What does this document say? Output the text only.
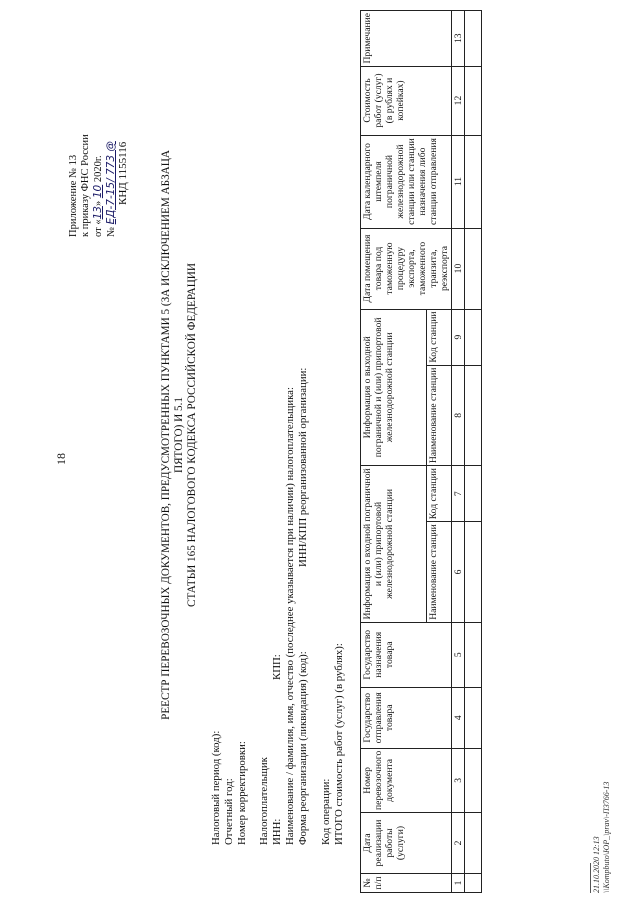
18
Приложение № 13 к приказу ФНС России от «13» 10 2020г.
№ ЕД-7-15/ 773 @ КНД 1155116	РЕЕСТР ПЕРЕВОЗОЧНЫХ ДОКУМЕНТОВ, ПРЕДУСМОТРЕННЫХ ПУНКТАМИ 5 (ЗА ИСКЛЮЧЕНИЕМ АБЗАЦА ПЯТОГО) И 5.1 СТАТЬИ 165 НАЛОГОВОГО КОДЕКСА РОССИЙСКОЙ ФЕДЕРАЦИИ
Налоговый период (код): Отчетный год: Номер корректировки: Налогоплательщик ИНН:
КПП: Наименование / фамилия, имя, отчество (последнее указывается при наличии) налогоплательщика: Форма реорганизации (ликвидация) (код):
ИНН/КПП реорганизованной организации:
Код операции: ИТОГО стоимость работ (услуг) (в рублях):
№ п/п	Дата реализации работы (услуги)	Номер перевозочного документа	Государство отправления товара	Государство назначения товара	Информация о входной пограничной и (или) припортовой железнодорожной станции		Информация о выходной пограничной и (или) припортовой железнодорожной станции		Дата помещения товара под таможенную процедуру экспорта, таможенного транзита, реэкспорта	Дата календарного штемпеля пограничной железнодорожной станции или станции назначения либо станции отправления	Стоимость работ (услуг) (в рублях и копейках)	Примечание
					Наименование станции	Код станции	Наименование станции	Код станции				
1	2	3	4	5	6	7	8	9	10	11	12	13

21.10.2020 12:13 \\Kompbuto\ЮР_\prav\-П3766-13
